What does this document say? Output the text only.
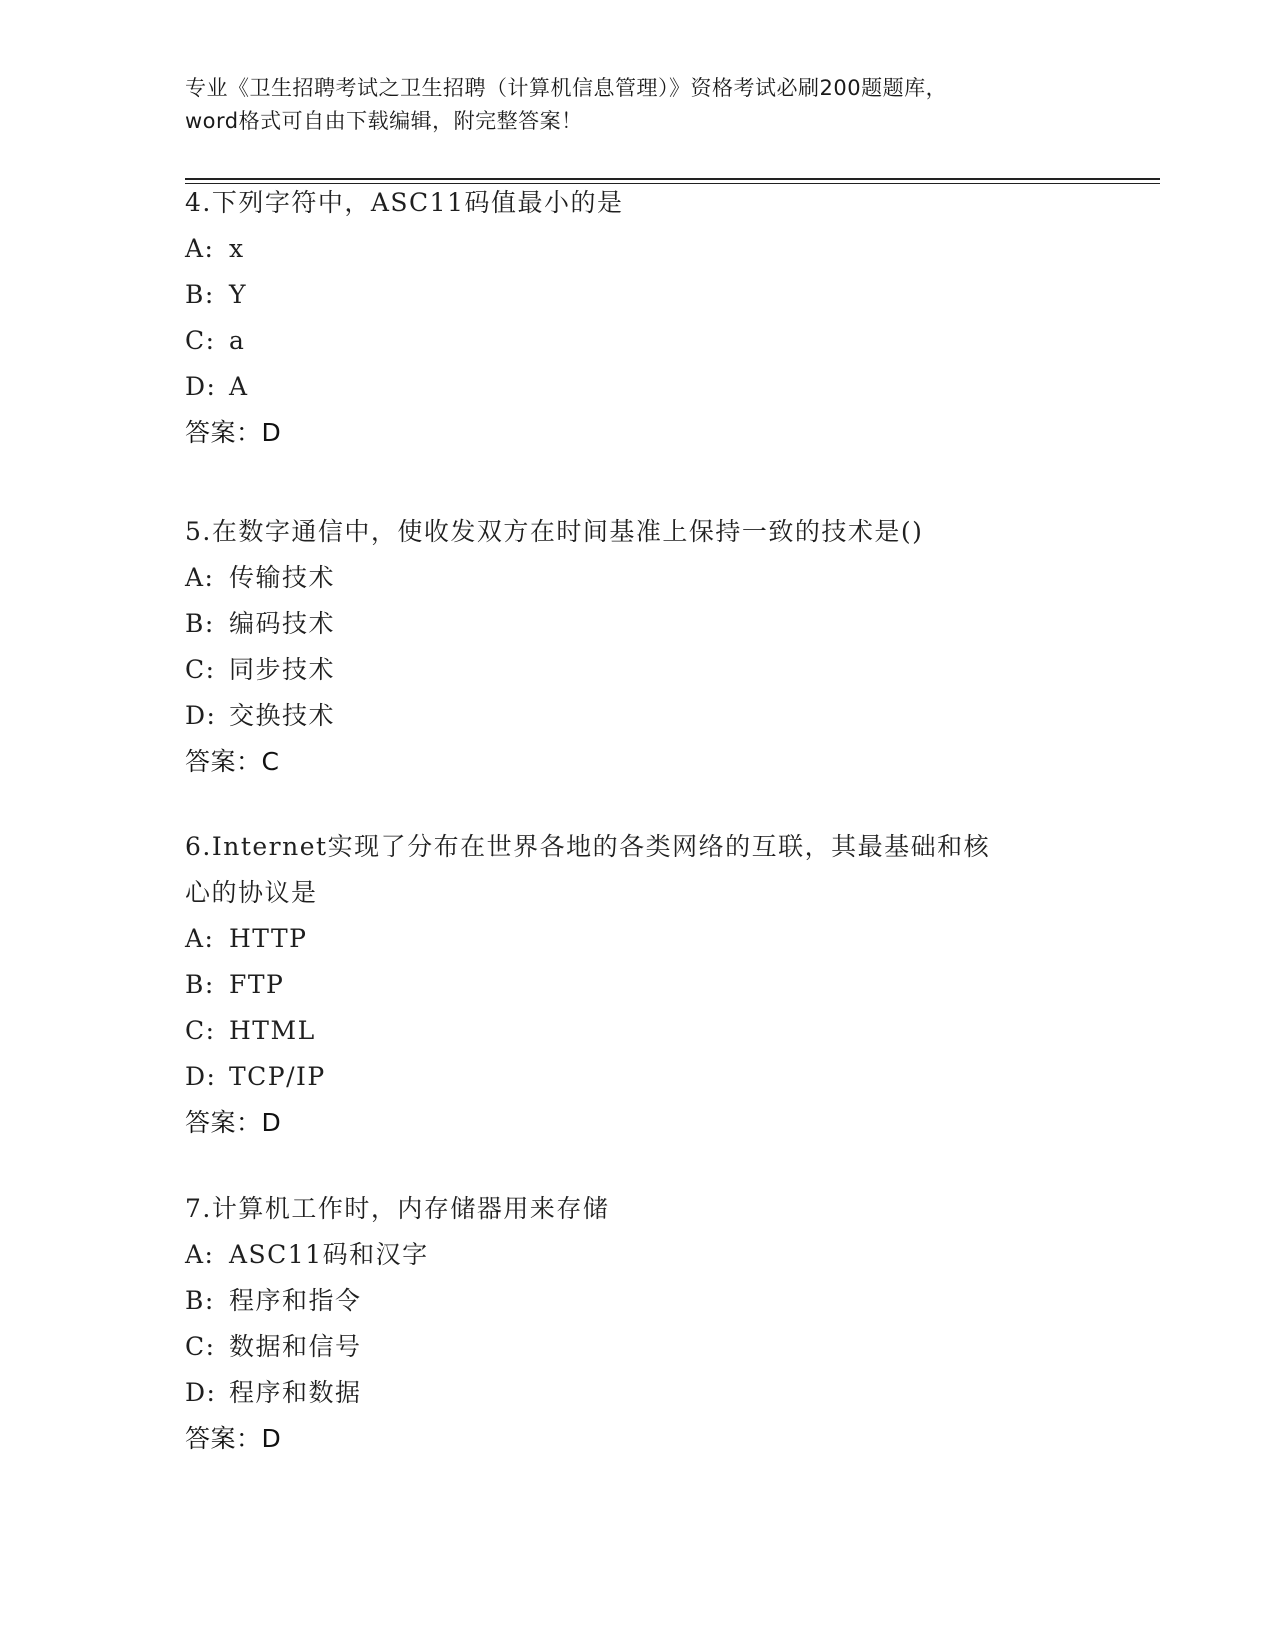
专业《卫生招聘考试之卫生招聘（计算机信息管理）》资格考试必刷200题题库，
word格式可自由下载编辑，附完整答案！
4.下列字符中，ASC11码值最小的是
A: x
B: Y
C: a
D: A
答案：D
5.在数字通信中，使收发双方在时间基准上保持一致的技术是()
A: 传输技术
B: 编码技术
C: 同步技术
D: 交换技术
答案：C
6.Internet实现了分布在世界各地的各类网络的互联，其最基础和核
心的协议是
A: HTTP
B: FTP
C: HTML
D: TCP/IP
答案：D
7.计算机工作时，内存储器用来存储
A: ASC11码和汉字
B: 程序和指令
C: 数据和信号
D: 程序和数据
答案：D
